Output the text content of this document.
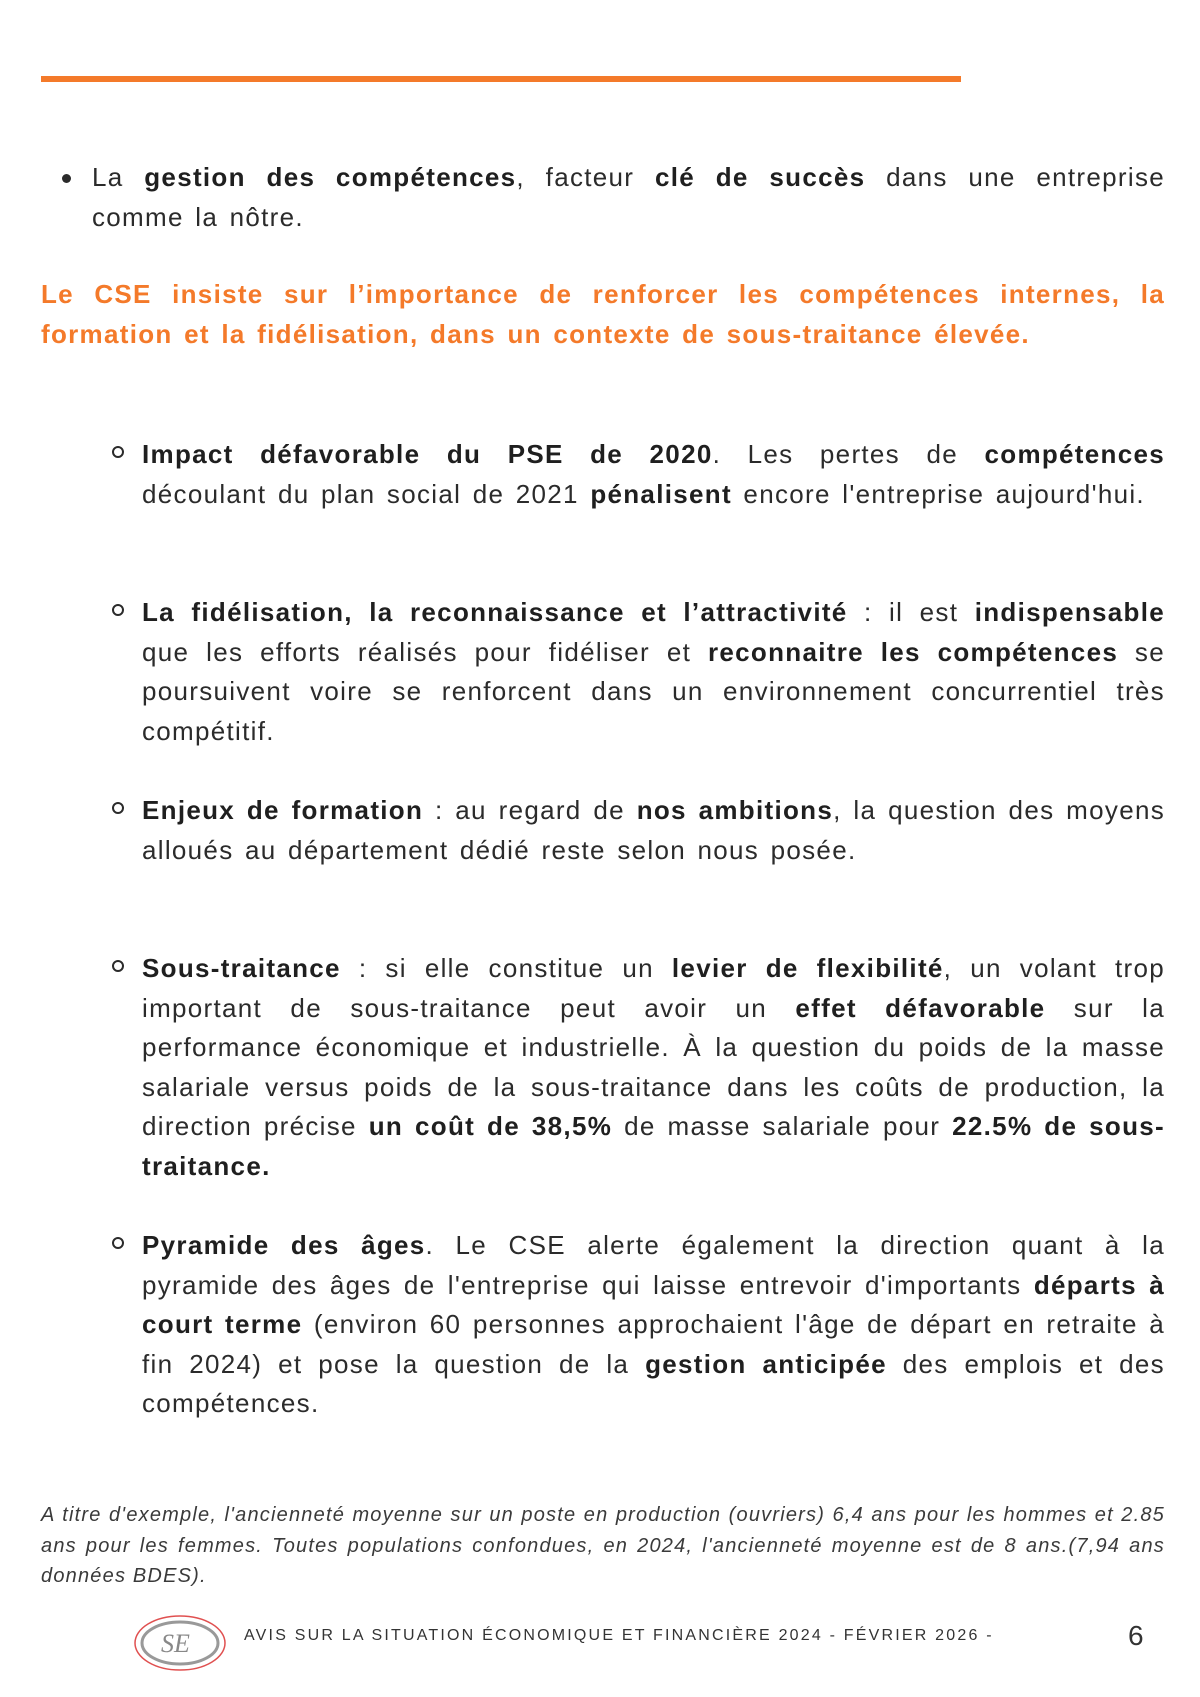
La gestion des compétences, facteur clé de succès dans une entreprise comme la nôtre.
Le CSE insiste sur l’importance de renforcer les compétences internes, la formation et la fidélisation, dans un contexte de sous-traitance élevée.
Impact défavorable du PSE de 2020. Les pertes de compétences découlant du plan social de 2021 pénalisent encore l'entreprise aujourd'hui.
La fidélisation, la reconnaissance et l’attractivité : il est indispensable que les efforts réalisés pour fidéliser et reconnaitre les compétences se poursuivent voire se renforcent dans un environnement concurrentiel très compétitif.
Enjeux de formation : au regard de nos ambitions, la question des moyens alloués au département dédié reste selon nous posée.
Sous-traitance : si elle constitue un levier de flexibilité, un volant trop important de sous-traitance peut avoir un effet défavorable sur la performance économique et industrielle. À la question du poids de la masse salariale versus poids de la sous-traitance dans les coûts de production, la direction précise un coût de 38,5% de masse salariale pour 22.5% de sous-traitance.
Pyramide des âges. Le CSE alerte également la direction quant à la pyramide des âges de l'entreprise qui laisse entrevoir d'importants départs à court terme (environ 60 personnes approchaient l'âge de départ en retraite à fin 2024) et pose la question de la gestion anticipée des emplois et des compétences.
A titre d'exemple, l'ancienneté moyenne sur un poste en production (ouvriers) 6,4 ans pour les hommes et 2.85 ans pour les femmes. Toutes populations confondues, en 2024, l'ancienneté moyenne est de 8 ans.(7,94 ans données BDES).
SE	AVIS SUR LA SITUATION ÉCONOMIQUE ET FINANCIÈRE 2024 - FÉVRIER 2026 -	6
